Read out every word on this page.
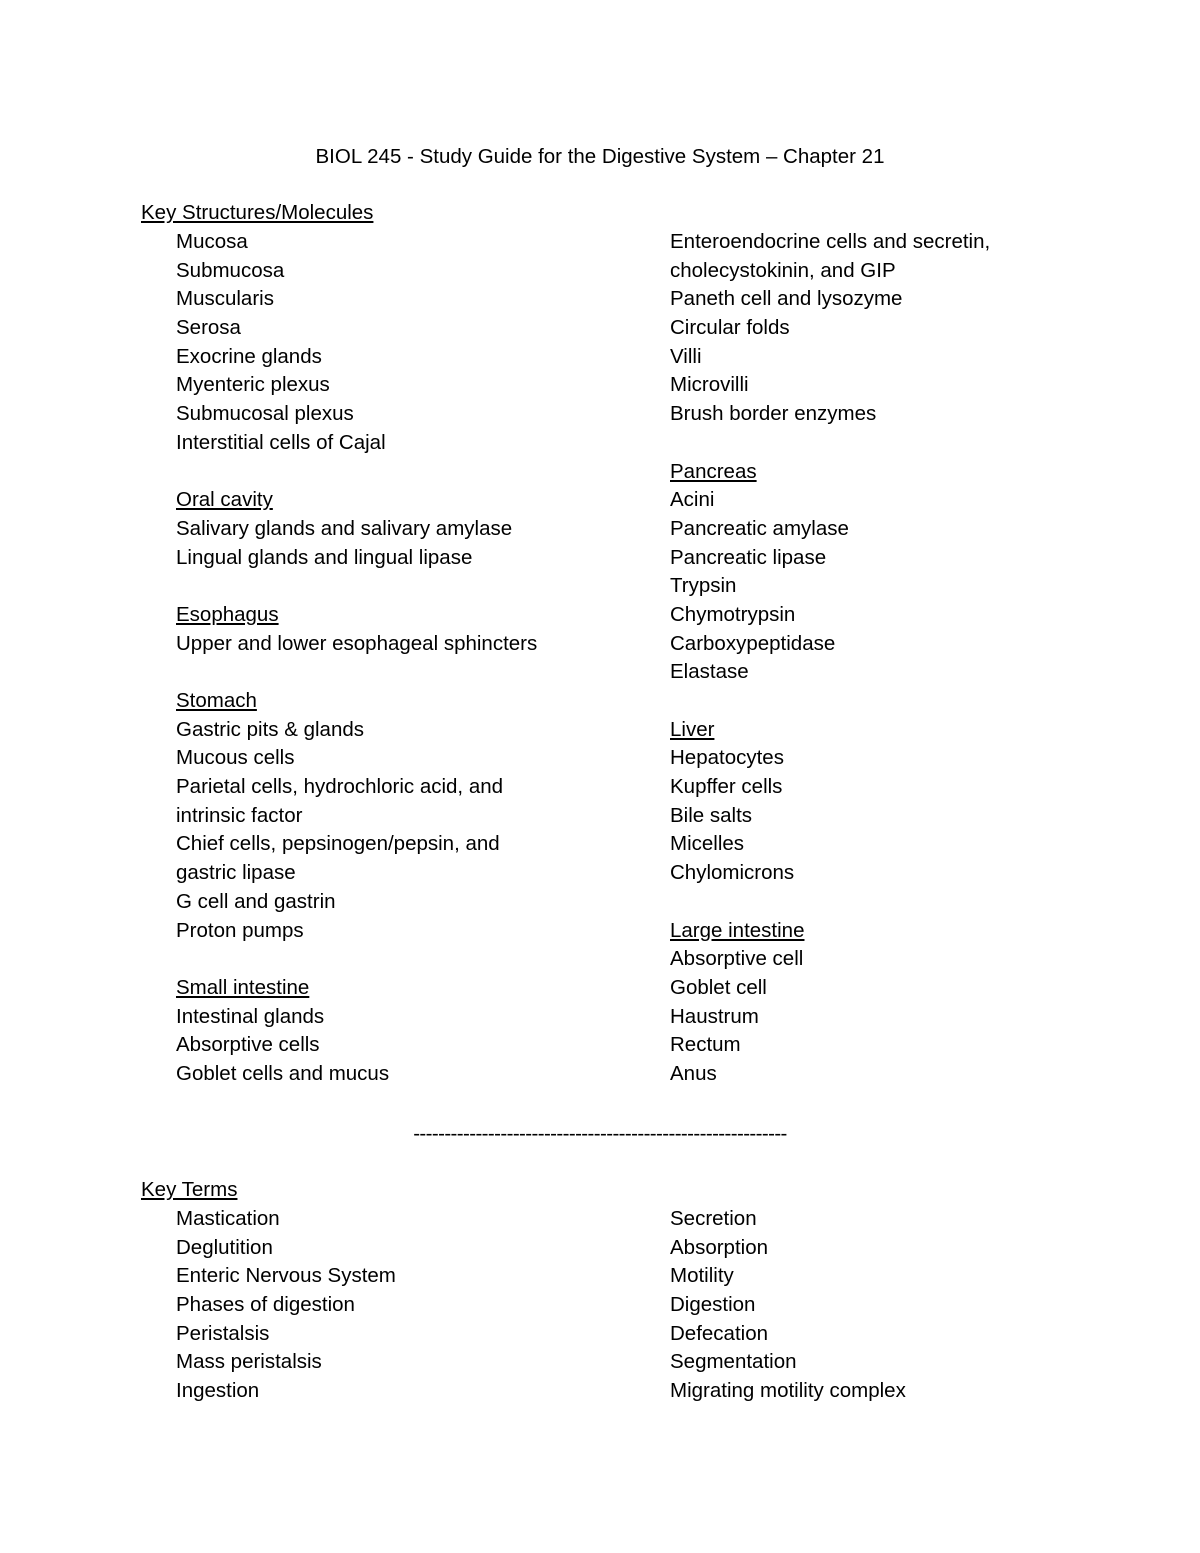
BIOL 245 - Study Guide for the Digestive System – Chapter 21
Key Structures/Molecules
Mucosa
Submucosa
Muscularis
Serosa
Exocrine glands
Myenteric plexus
Submucosal plexus
Interstitial cells of Cajal
Oral cavity
Salivary glands and salivary amylase
Lingual glands and lingual lipase
Esophagus
Upper and lower esophageal sphincters
Stomach
Gastric pits & glands
Mucous cells
Parietal cells, hydrochloric acid, and
intrinsic factor
Chief cells, pepsinogen/pepsin, and
gastric lipase
G cell and gastrin
Proton pumps
Small intestine
Intestinal glands
Absorptive cells
Goblet cells and mucus
Enteroendocrine cells and secretin,
cholecystokinin, and GIP
Paneth cell and lysozyme
Circular folds
Villi
Microvilli
Brush border enzymes
Pancreas
Acini
Pancreatic amylase
Pancreatic lipase
Trypsin
Chymotrypsin
Carboxypeptidase
Elastase
Liver
Hepatocytes
Kupffer cells
Bile salts
Micelles
Chylomicrons
Large intestine
Absorptive cell
Goblet cell
Haustrum
Rectum
Anus
------------------------------------------------------------
Key Terms
Mastication
Deglutition
Enteric Nervous System
Phases of digestion
Peristalsis
Mass peristalsis
Ingestion
Secretion
Absorption
Motility
Digestion
Defecation
Segmentation
Migrating motility complex
